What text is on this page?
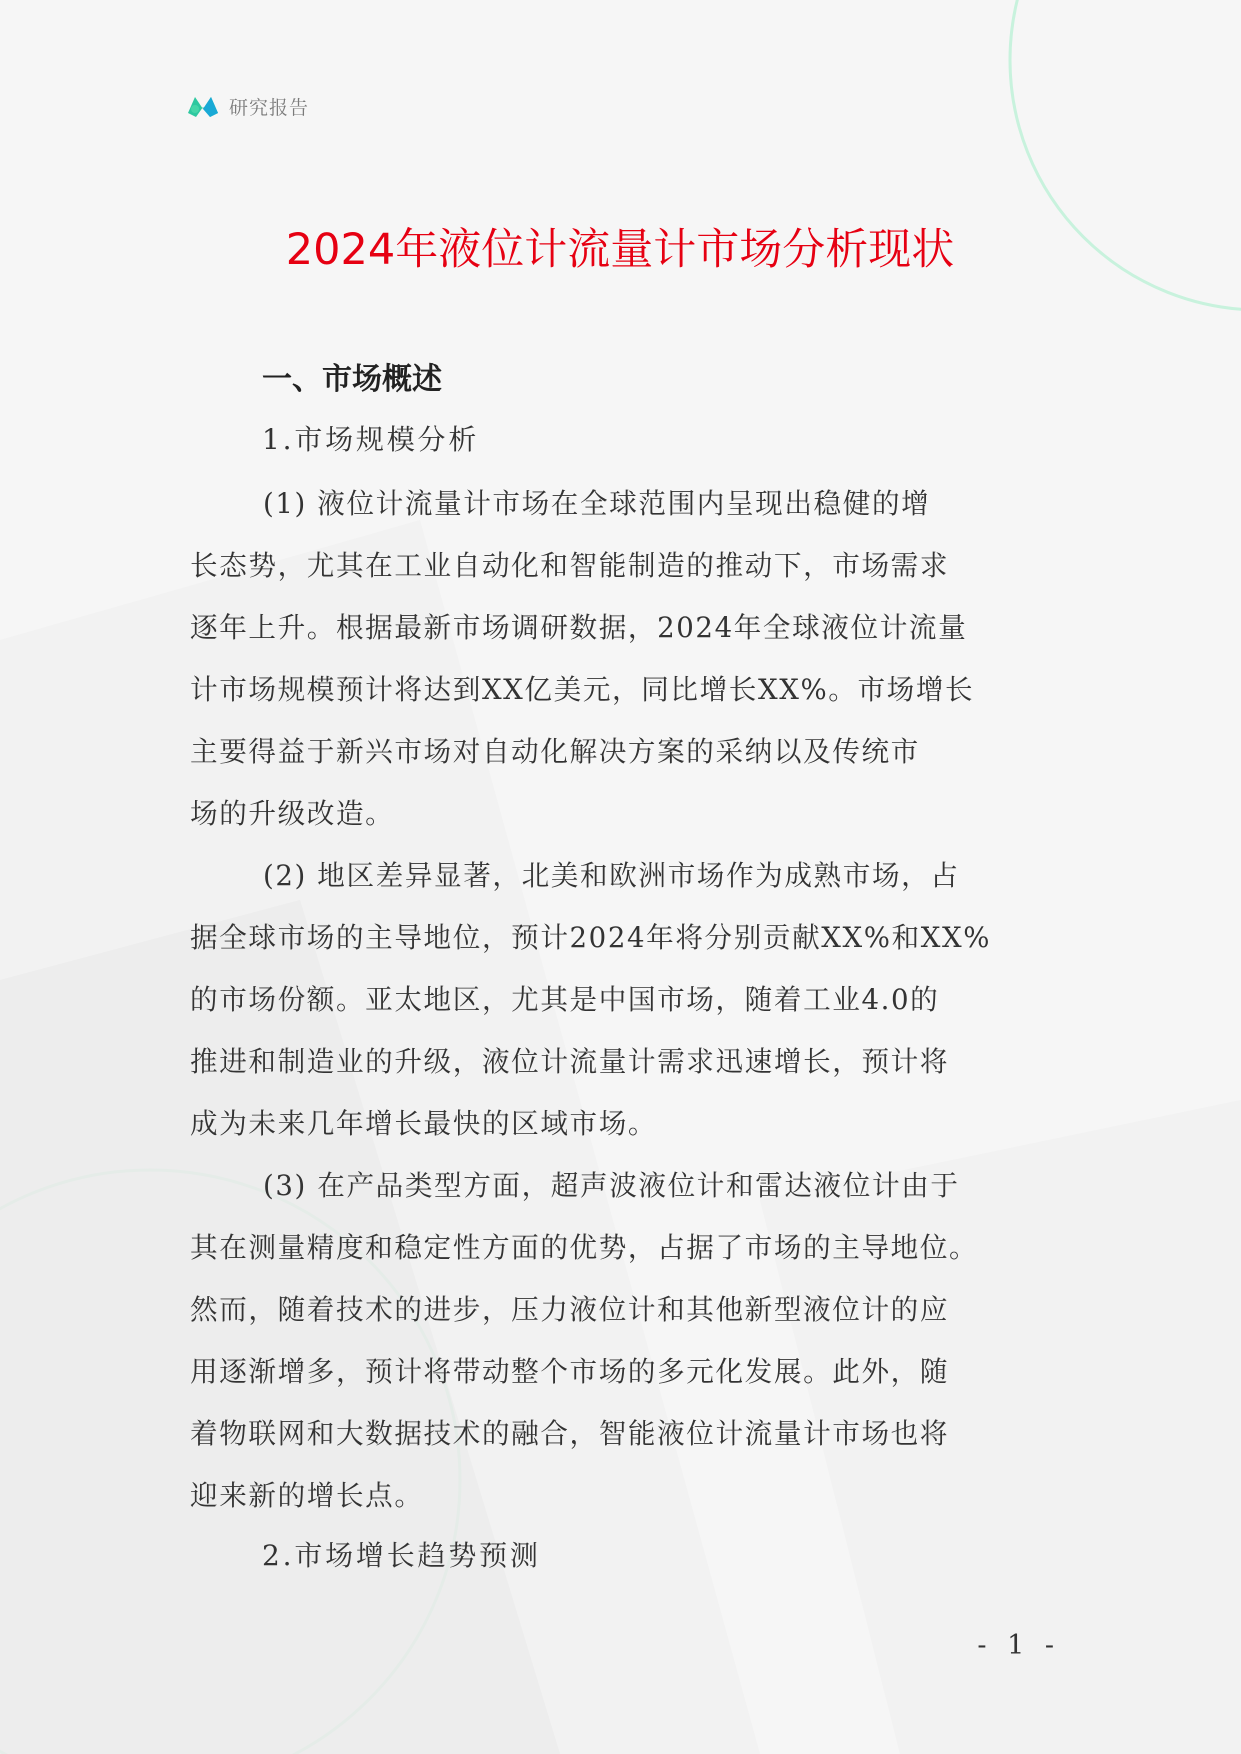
研究报告
2024年液位计流量计市场分析现状
一、市场概述
1.市场规模分析

(1) 液位计流量计市场在全球范围内呈现出稳健的增
长态势，尤其在工业自动化和智能制造的推动下，市场需求
逐年上升。根据最新市场调研数据，2024年全球液位计流量
计市场规模预计将达到XX亿美元，同比增长XX%。市场增长
主要得益于新兴市场对自动化解决方案的采纳以及传统市
场的升级改造。

(2) 地区差异显著，北美和欧洲市场作为成熟市场，占
据全球市场的主导地位，预计2024年将分别贡献XX%和XX%
的市场份额。亚太地区，尤其是中国市场，随着工业4.0的
推进和制造业的升级，液位计流量计需求迅速增长，预计将
成为未来几年增长最快的区域市场。

(3) 在产品类型方面，超声波液位计和雷达液位计由于
其在测量精度和稳定性方面的优势，占据了市场的主导地位。
然而，随着技术的进步，压力液位计和其他新型液位计的应
用逐渐增多，预计将带动整个市场的多元化发展。此外，随
着物联网和大数据技术的融合，智能液位计流量计市场也将
迎来新的增长点。

2.市场增长趋势预测
- 1 -
